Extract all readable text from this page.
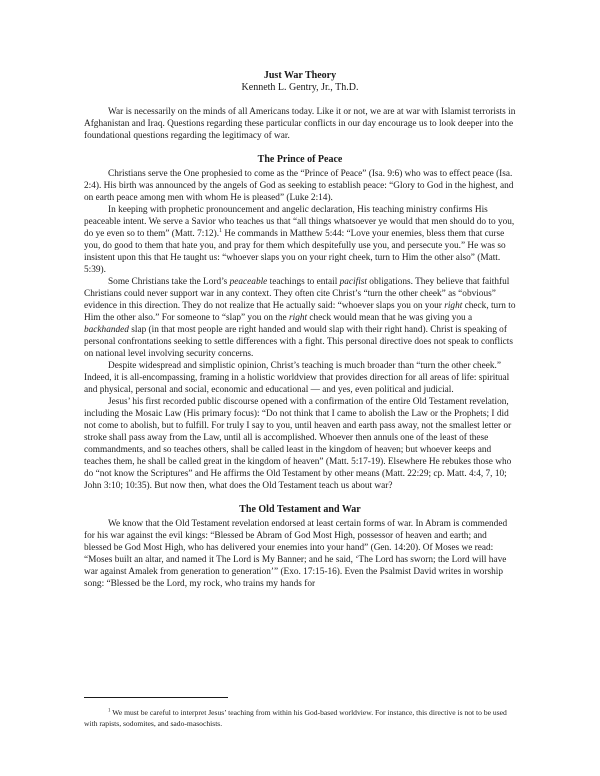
Just War Theory
Kenneth L. Gentry, Jr., Th.D.

War is necessarily on the minds of all Americans today. Like it or not, we are at war with Islamist terrorists in Afghanistan and Iraq. Questions regarding these particular conflicts in our day encourage us to look deeper into the foundational questions regarding the legitimacy of war.

The Prince of Peace

Christians serve the One prophesied to come as the “Prince of Peace” (Isa. 9:6) who was to effect peace (Isa. 2:4). His birth was announced by the angels of God as seeking to establish peace: “Glory to God in the highest, and on earth peace among men with whom He is pleased” (Luke 2:14).

In keeping with prophetic pronouncement and angelic declaration, His teaching ministry confirms His peaceable intent. We serve a Savior who teaches us that “all things whatsoever ye would that men should do to you, do ye even so to them” (Matt. 7:12).$^1$ He commands in Matthew 5:44: “Love your enemies, bless them that curse you, do good to them that hate you, and pray for them which despitefully use you, and persecute you.” He was so insistent upon this that He taught us: “whoever slaps you on your right cheek, turn to Him the other also” (Matt. 5:39).

Some Christians take the Lord’s peaceable teachings to entail pacifist obligations. They believe that faithful Christians could never support war in any context. They often cite Christ’s “turn the other cheek” as “obvious” evidence in this direction. They do not realize that He actually said: “whoever slaps you on your right check, turn to Him the other also.” For someone to “slap” you on the right check would mean that he was giving you a backhanded slap (in that most people are right handed and would slap with their right hand). Christ is speaking of personal confrontations seeking to settle differences with a fight. This personal directive does not speak to conflicts on national level involving security concerns.

Despite widespread and simplistic opinion, Christ’s teaching is much broader than “turn the other cheek.” Indeed, it is all-encompassing, framing in a holistic worldview that provides direction for all areas of life: spiritual and physical, personal and social, economic and educational — and yes, even political and judicial.

Jesus’ his first recorded public discourse opened with a confirmation of the entire Old Testament revelation, including the Mosaic Law (His primary focus): “Do not think that I came to abolish the Law or the Prophets; I did not come to abolish, but to fulfill. For truly I say to you, until heaven and earth pass away, not the smallest letter or stroke shall pass away from the Law, until all is accomplished. Whoever then annuls one of the least of these commandments, and so teaches others, shall be called least in the kingdom of heaven; but whoever keeps and teaches them, he shall be called great in the kingdom of heaven” (Matt. 5:17-19). Elsewhere He rebukes those who do “not know the Scriptures” and He affirms the Old Testament by other means (Matt. 22:29; cp. Matt. 4:4, 7, 10; John 3:10; 10:35). But now then, what does the Old Testament teach us about war?

The Old Testament and War

We know that the Old Testament revelation endorsed at least certain forms of war. In Abram is commended for his war against the evil kings: “Blessed be Abram of God Most High, possessor of heaven and earth; and blessed be God Most High, who has delivered your enemies into your hand” (Gen. 14:20). Of Moses we read: “Moses built an altar, and named it The Lord is My Banner; and he said, ‘The Lord has sworn; the Lord will have war against Amalek from generation to generation’” (Exo. 17:15-16). Even the Psalmist David writes in worship song: “Blessed be the Lord, my rock, who trains my hands for

$^1$ We must be careful to interpret Jesus’ teaching from within his God-based worldview. For instance, this directive is not to be used with rapists, sodomites, and sado-masochists.
